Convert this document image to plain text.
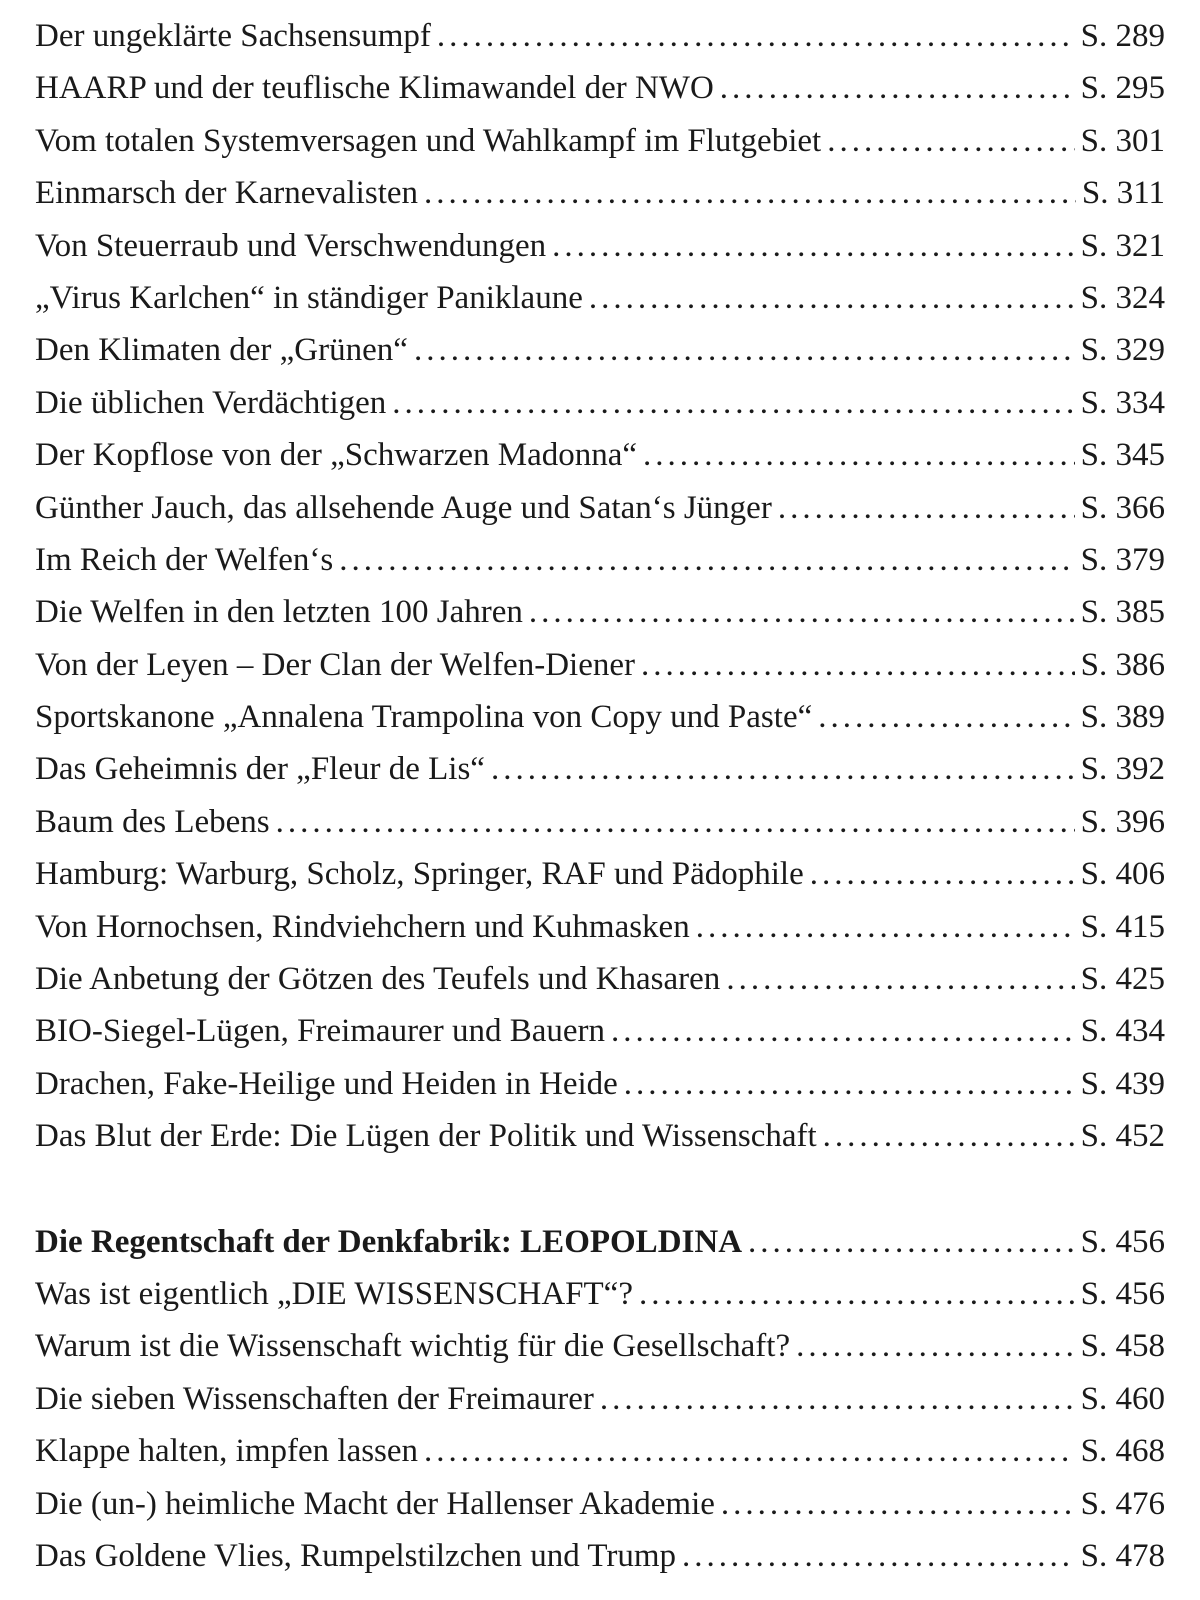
Der ungeklärte Sachsensumpf .....	S. 289
HAARP und der teuflische Klimawandel der NWO .....	S. 295
Vom totalen Systemversagen und Wahlkampf im Flutgebiet .....	S. 301
Einmarsch der Karnevalisten .....	S. 311
Von Steuerraub und Verschwendungen .....	S. 321
„Virus Karlchen“ in ständiger Paniklaune .....	S. 324
Den Klimaten der „Grünen“ .....	S. 329
Die üblichen Verdächtigen .....	S. 334
Der Kopflose von der „Schwarzen Madonna“ .....	S. 345
Günther Jauch, das allsehende Auge und Satan‘s Jünger .....	S. 366
Im Reich der Welfen‘s .....	S. 379
Die Welfen in den letzten 100 Jahren .....	S. 385
Von der Leyen – Der Clan der Welfen-Diener .....	S. 386
Sportskanone „Annalena Trampolina von Copy und Paste“ .....	S. 389
Das Geheimnis der „Fleur de Lis“ .....	S. 392
Baum des Lebens .....	S. 396
Hamburg: Warburg, Scholz, Springer, RAF und Pädophile .....	S. 406
Von Hornochsen, Rindviehchern und Kuhmasken .....	S. 415
Die Anbetung der Götzen des Teufels und Khasaren .....	S. 425
BIO-Siegel-Lügen, Freimaurer und Bauern .....	S. 434
Drachen, Fake-Heilige und Heiden in Heide .....	S. 439
Das Blut der Erde: Die Lügen der Politik und Wissenschaft .....	S. 452
Die Regentschaft der Denkfabrik: LEOPOLDINA .....	S. 456
Was ist eigentlich „DIE WISSENSCHAFT“? .....	S. 456
Warum ist die Wissenschaft wichtig für die Gesellschaft? .....	S. 458
Die sieben Wissenschaften der Freimaurer .....	S. 460
Klappe halten, impfen lassen .....	S. 468
Die (un-) heimliche Macht der Hallenser Akademie .....	S. 476
Das Goldene Vlies, Rumpelstilzchen und Trump .....	S. 478
